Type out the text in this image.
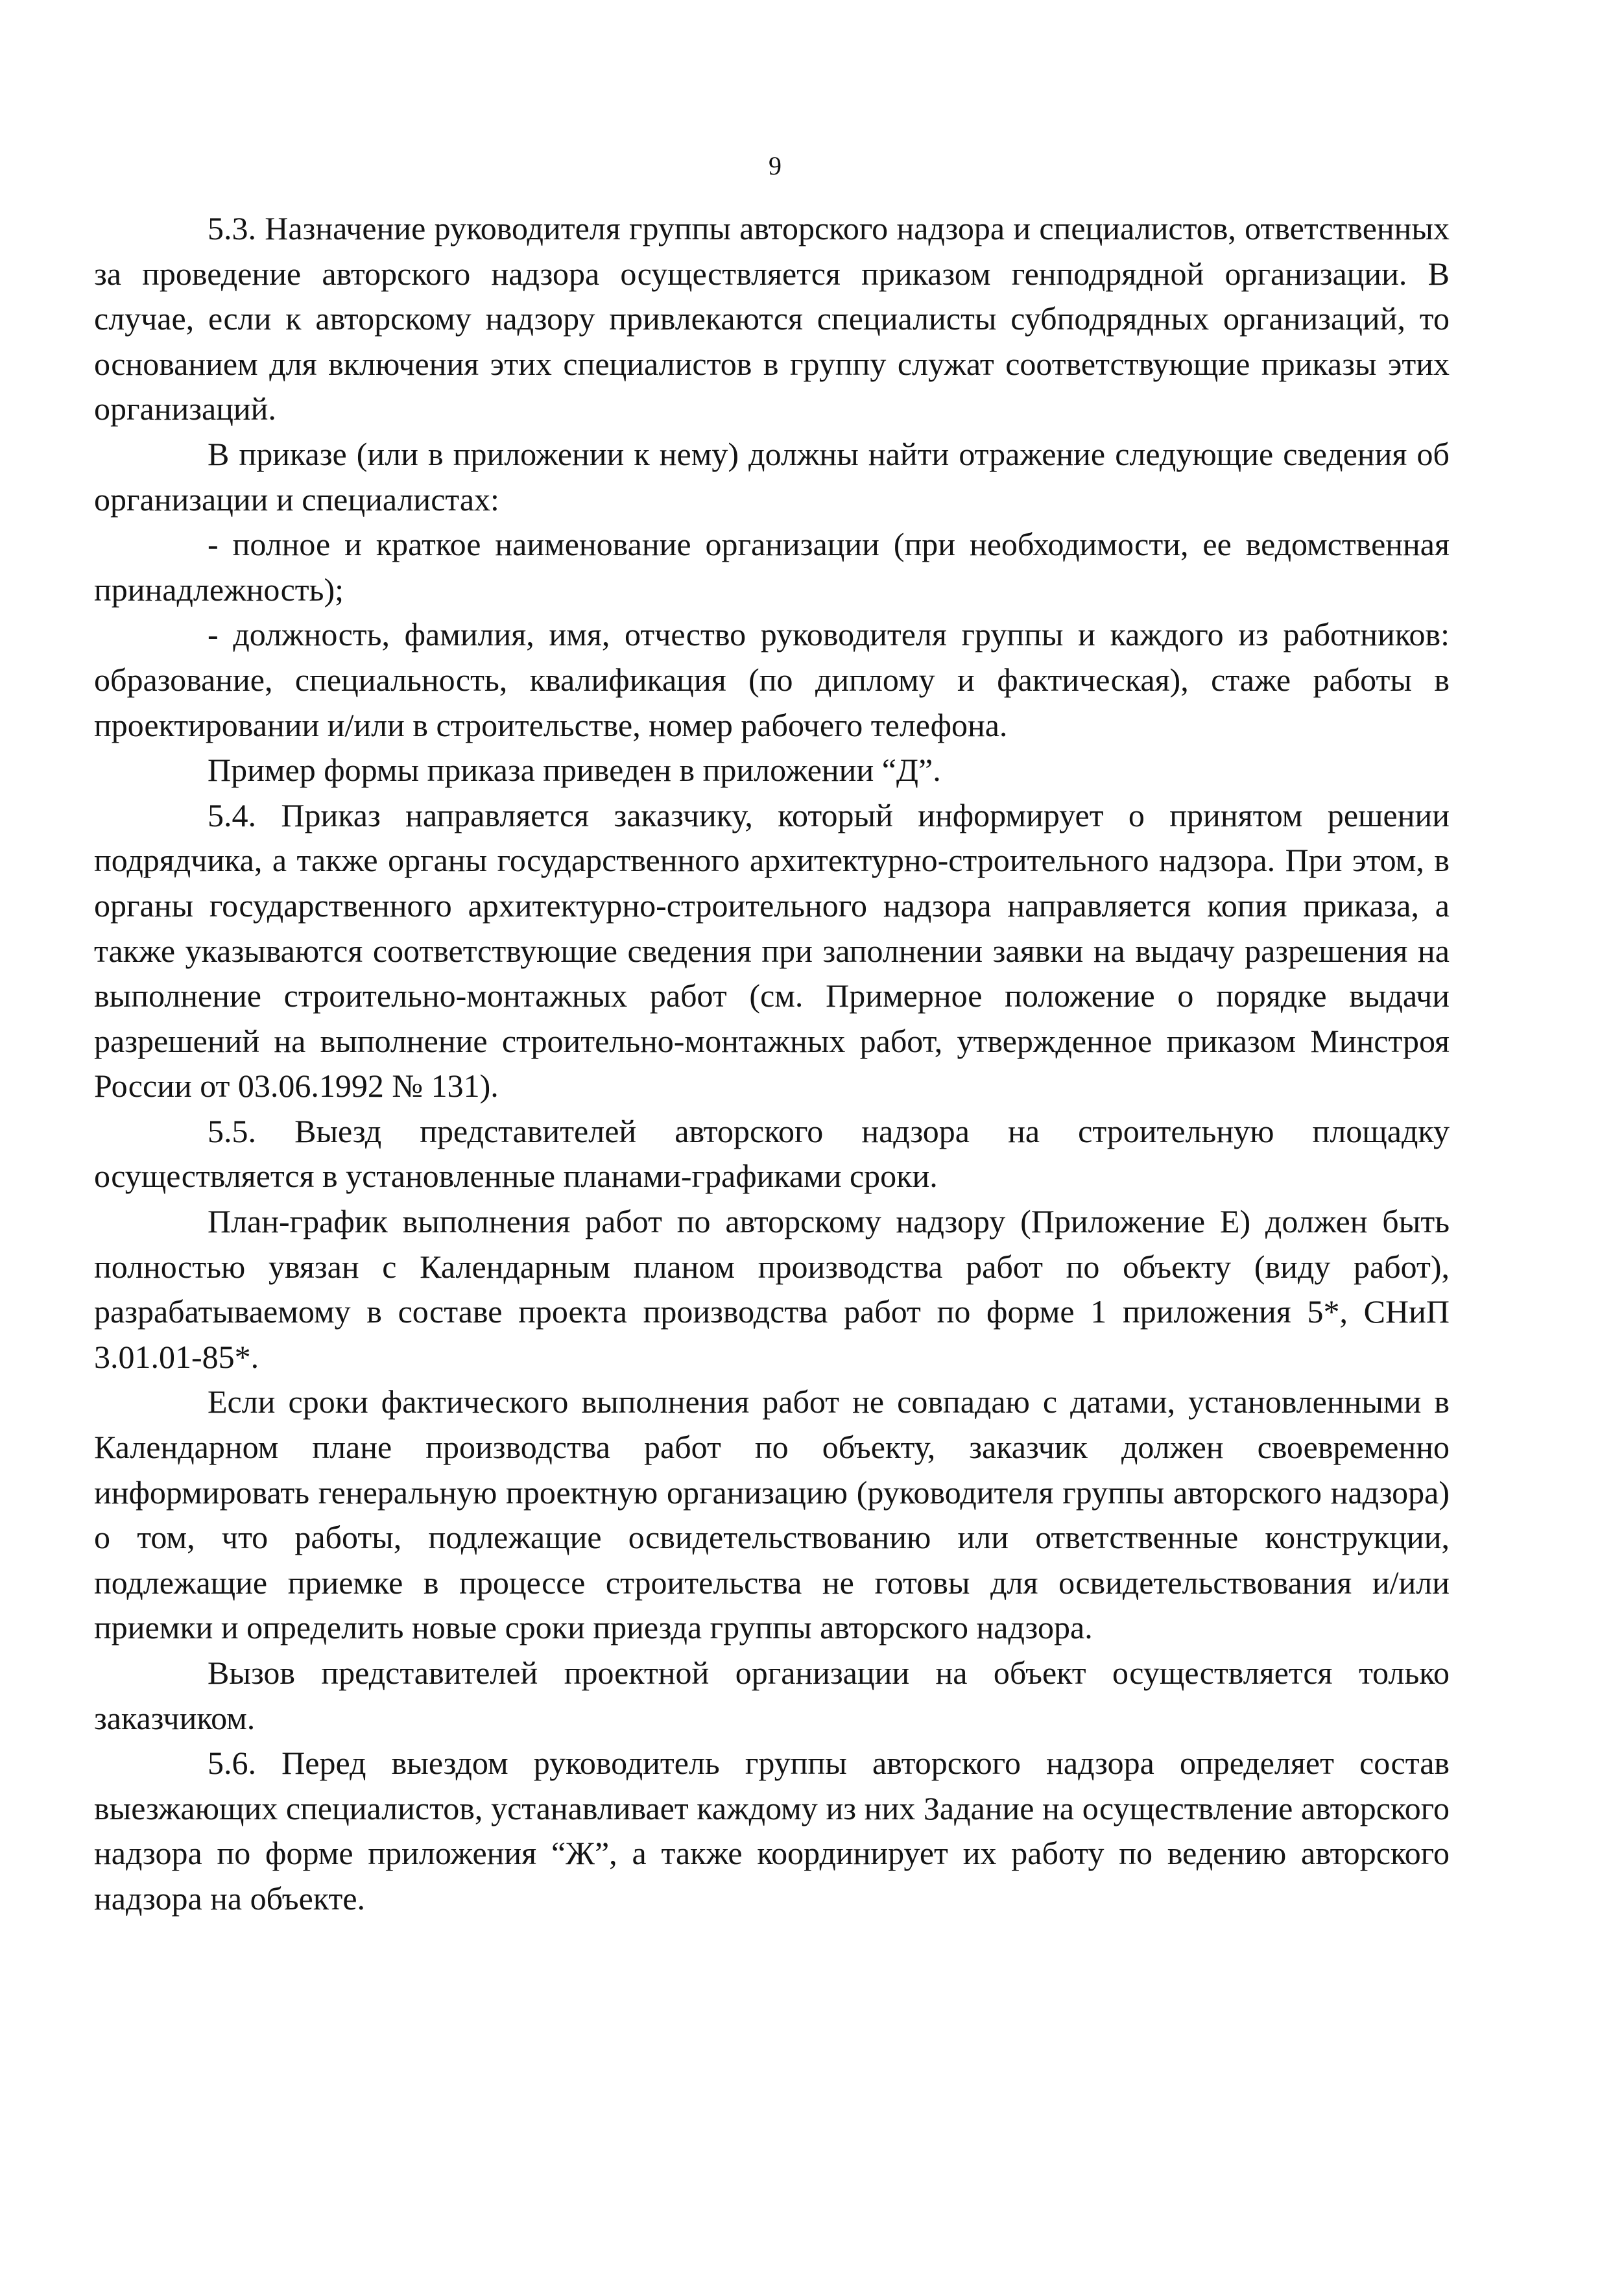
9

5.3. Назначение руководителя группы авторского надзора и специалистов, ответственных за проведение авторского надзора осуществляется приказом генподрядной организации. В случае, если к авторскому надзору привлекаются специалисты субподрядных организаций, то основанием для включения этих специалистов в группу служат соответствующие приказы этих организаций.

В приказе (или в приложении к нему) должны найти отражение следующие сведения об организации и специалистах:

- полное и краткое наименование организации (при необходимости, ее ведомственная принадлежность);

- должность, фамилия, имя, отчество руководителя группы и каждого из работников: образование, специальность, квалификация (по диплому и фактическая), стаже работы в проектировании и/или в строительстве, номер рабочего телефона.

Пример формы приказа приведен в приложении “Д”.

5.4. Приказ направляется заказчику, который информирует о принятом решении подрядчика, а также органы государственного архитектурно-строительного надзора. При этом, в органы государственного архитектурно-строительного надзора направляется копия приказа, а также указываются соответствующие сведения при заполнении заявки на выдачу разрешения на выполнение строительно-монтажных работ (см. Примерное положение о порядке выдачи разрешений на выполнение строительно-монтажных работ, утвержденное приказом Минстроя России от 03.06.1992 № 131).

5.5. Выезд представителей авторского надзора на строительную площадку осуществляется в установленные планами-графиками сроки.

План-график выполнения работ по авторскому надзору (Приложение Е) должен быть полностью увязан с Календарным планом производства работ по объекту (виду работ), разрабатываемому в составе проекта производства работ по форме 1 приложения 5*, СНиП 3.01.01-85*.

Если сроки фактического выполнения работ не совпадаю с датами, установленными в Календарном плане производства работ по объекту, заказчик должен своевременно информировать генеральную проектную организацию (руководителя группы авторского надзора) о том, что работы, подлежащие освидетельствованию или ответственные конструкции, подлежащие приемке в процессе строительства не готовы для освидетельствования и/или приемки и определить новые сроки приезда группы авторского надзора.

Вызов представителей проектной организации на объект осуществляется только заказчиком.

5.6. Перед выездом руководитель группы авторского надзора определяет состав выезжающих специалистов, устанавливает каждому из них Задание на осуществление авторского надзора по форме приложения “Ж”, а также координирует их работу по ведению авторского надзора на объекте.
